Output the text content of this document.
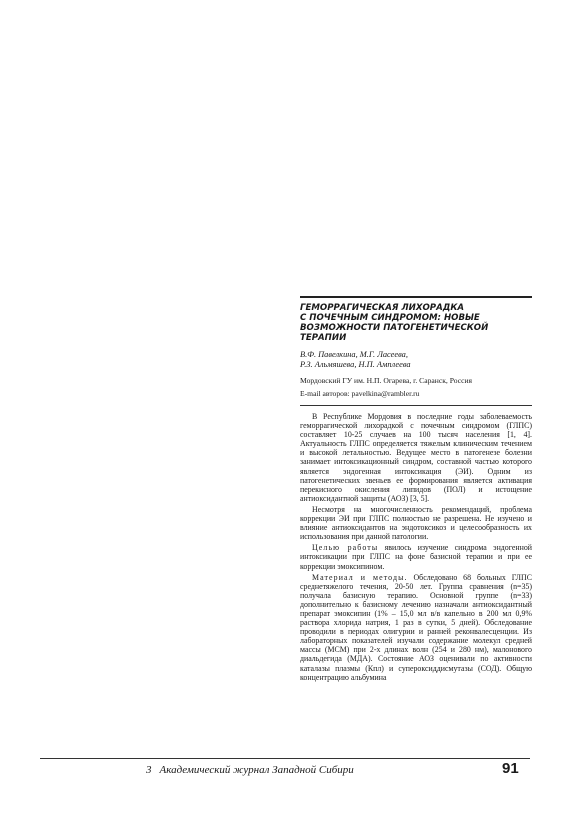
ГЕМОРРАГИЧЕСКАЯ ЛИХОРАДКА
С ПОЧЕЧНЫМ СИНДРОМОМ: НОВЫЕ
ВОЗМОЖНОСТИ ПАТОГЕНЕТИЧЕСКОЙ
ТЕРАПИИ
В.Ф. Павелкина, М.Г. Ласеева,
Р.З. Альмяшева, Н.П. Амплеева
Мордовский ГУ им. Н.П. Огарева, г. Саранск, Россия
E-mail авторов: pavelkina@rambler.ru

В Республике Мордовия в последние годы заболеваемость геморрагической лихорадкой с почечным синдромом (ГЛПС) составляет 10-25 случаев на 100 тысяч населения [1, 4]. Актуальность ГЛПС определяется тяжелым клиническим течением и высокой летальностью. Ведущее место в патогенезе болезни занимает интоксикационный синдром, составной частью которого является эндогенная интоксикация (ЭИ). Одним из патогенетических звеньев ее формирования является активация перекисного окисления липидов (ПОЛ) и истощение антиоксидантной защиты (АОЗ) [3, 5].

Несмотря на многочисленность рекомендаций, проблема коррекции ЭИ при ГЛПС полностью не разрешена. Не изучено и влияние антиоксидантов на эндотоксикоз и целесообразность их использования при данной патологии.

Целью работы явилось изучение синдрома эндогенной интоксикации при ГЛПС на фоне базисной терапии и при ее коррекции эмоксипином.

Материал и методы. Обследовано 68 больных ГЛПС среднетяжелого течения, 20-50 лет. Группа сравнения (n=35) получала базисную терапию. Основной группе (n=33) дополнительно к базисному лечению назначали антиоксидантный препарат эмоксипин (1% – 15,0 мл в/в капельно в 200 мл 0,9% раствора хлорида натрия, 1 раз в сутки, 5 дней). Обследование проводили в периодах олигурии и ранней реконвалесценции. Из лабораторных показателей изучали содержание молекул средней массы (МСМ) при 2-х длинах волн (254 и 280 нм), малонового диальдегида (МДА). Состояние АОЗ оценивали по активности каталазы плазмы (Кпл) и супероксиддисмутазы (СОД). Общую концентрацию альбумина

3 Академический журнал Западной Сибири	91
